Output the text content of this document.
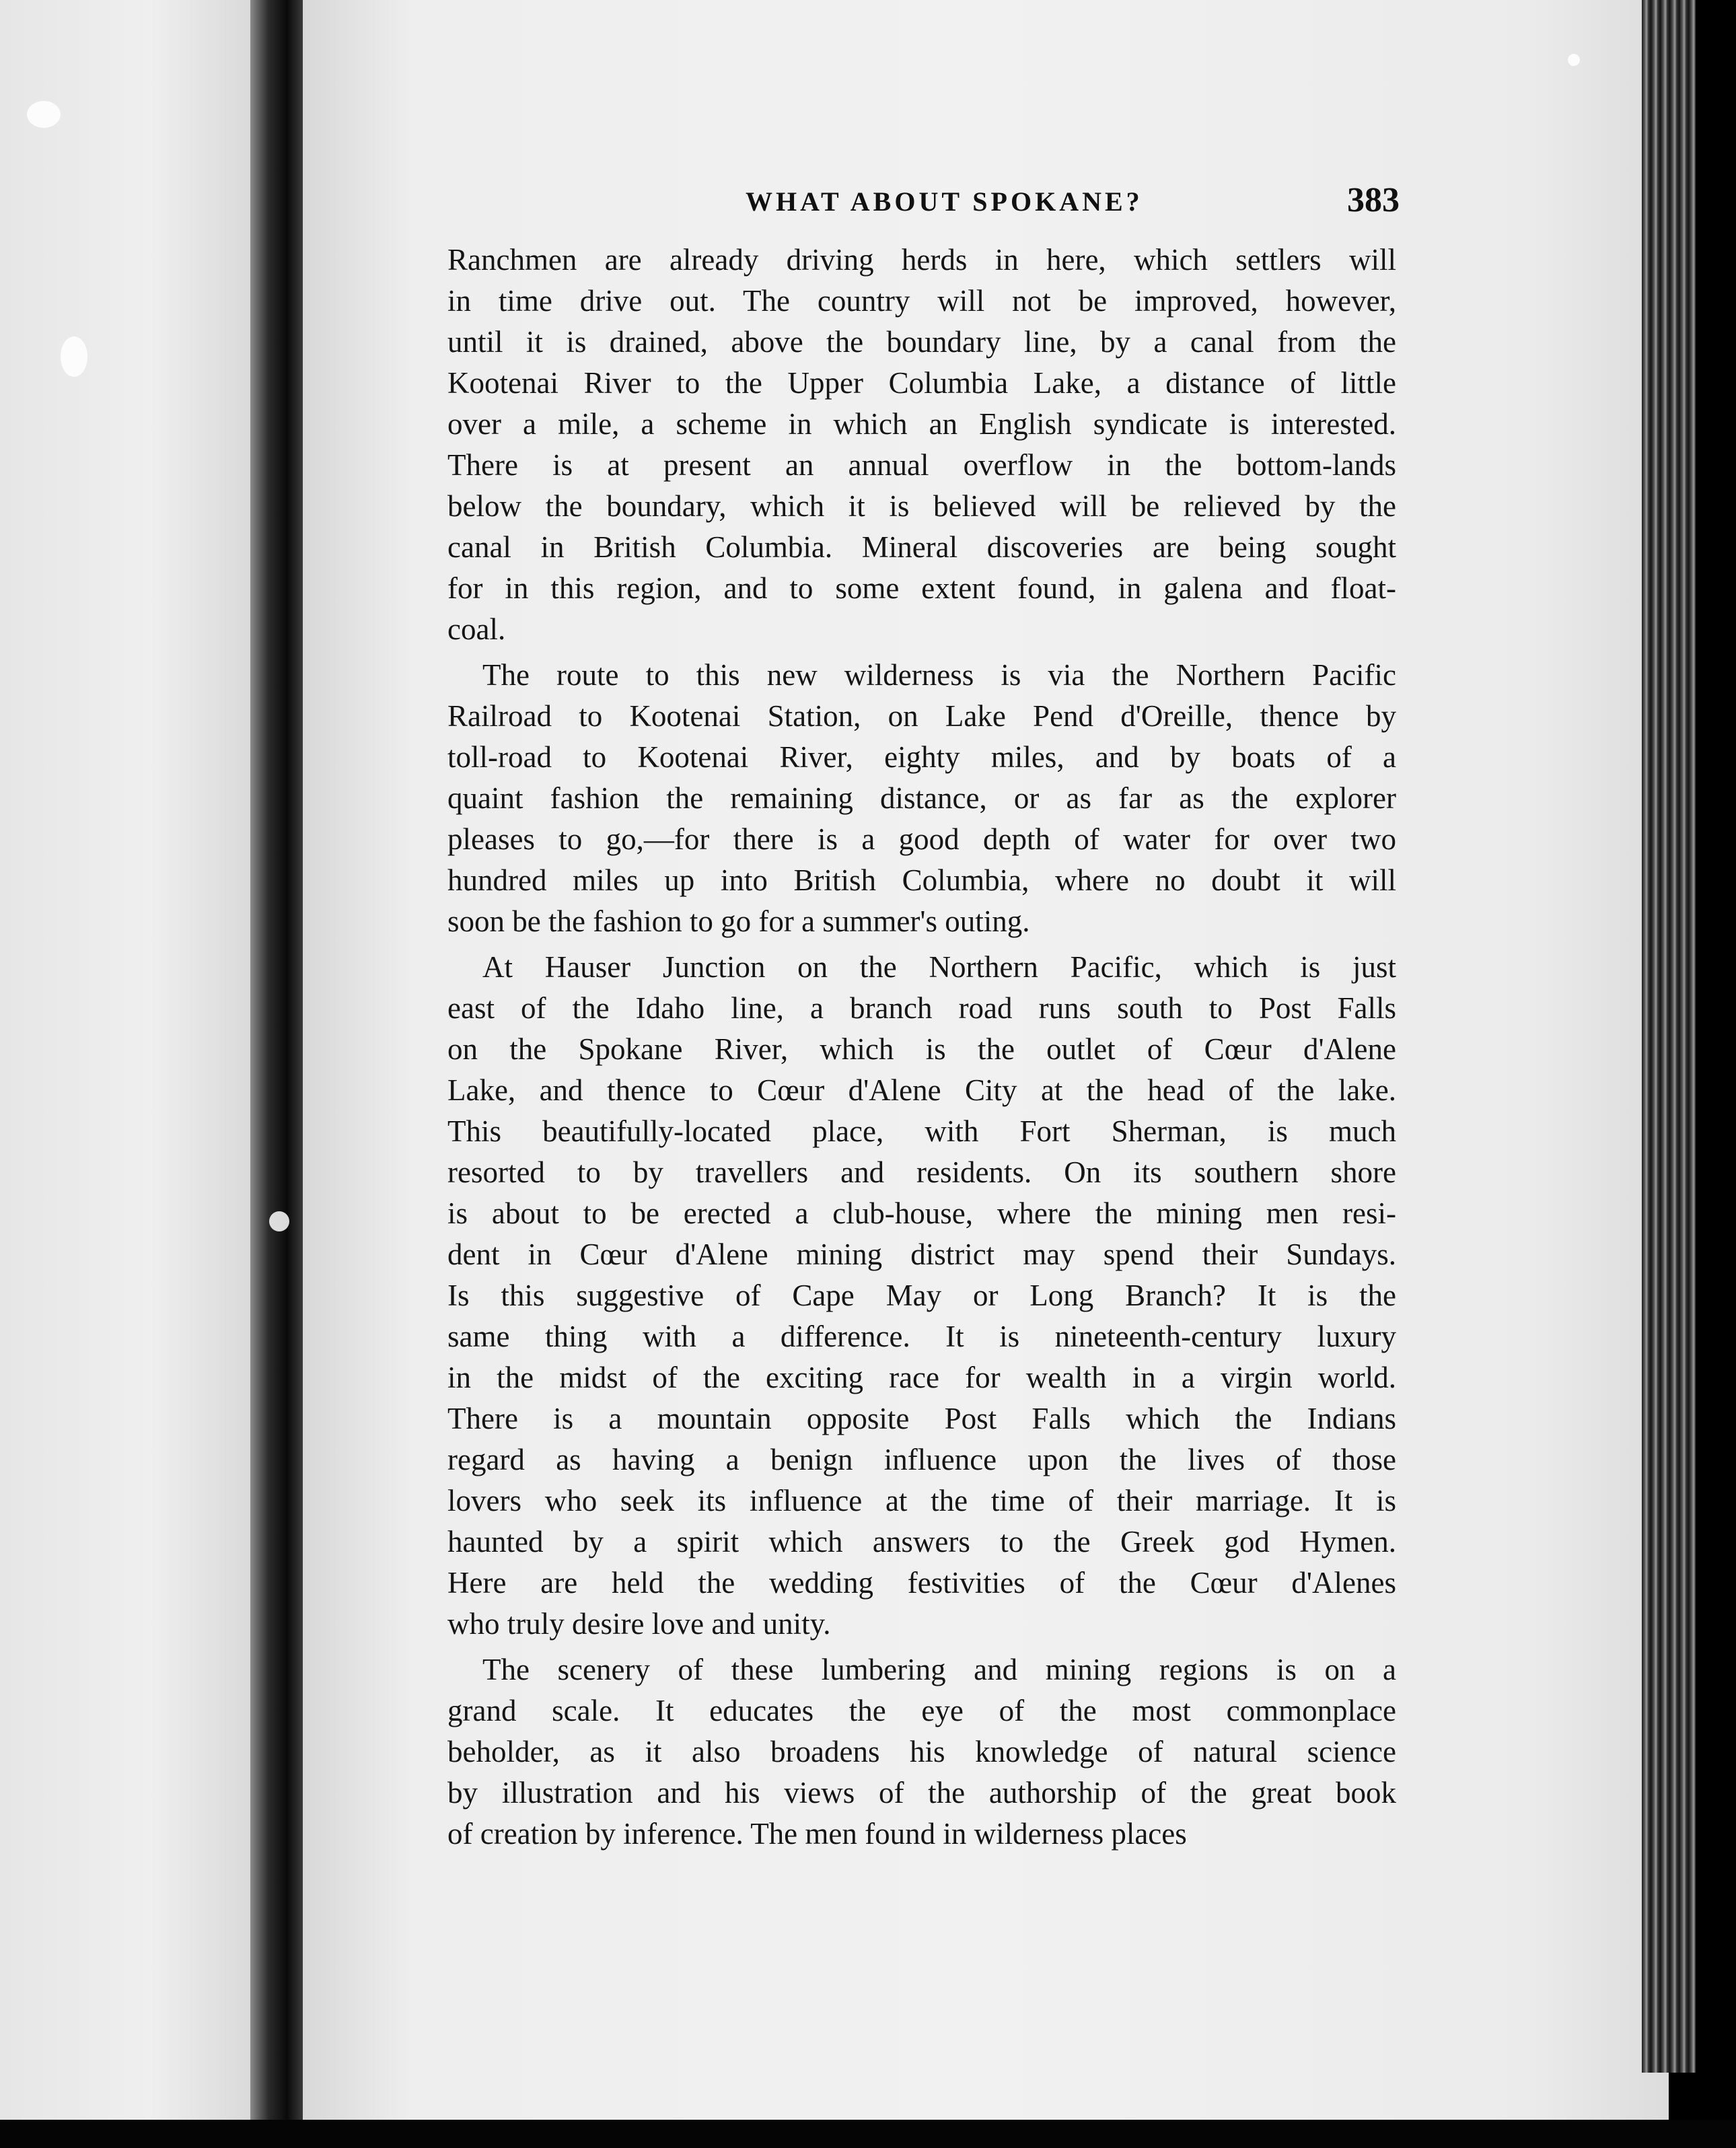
WHAT ABOUT SPOKANE?	383
Ranchmen are already driving herds in here, which settlers will
in time drive out. The country will not be improved, however,
until it is drained, above the boundary line, by a canal from the
Kootenai River to the Upper Columbia Lake, a distance of little
over a mile, a scheme in which an English syndicate is interested.
There is at present an annual overflow in the bottom-lands
below the boundary, which it is believed will be relieved by the
canal in British Columbia. Mineral discoveries are being sought
for in this region, and to some extent found, in galena and float-
coal.
The route to this new wilderness is via the Northern Pacific
Railroad to Kootenai Station, on Lake Pend d'Oreille, thence by
toll-road to Kootenai River, eighty miles, and by boats of a
quaint fashion the remaining distance, or as far as the explorer
pleases to go,—for there is a good depth of water for over two
hundred miles up into British Columbia, where no doubt it will
soon be the fashion to go for a summer's outing.
At Hauser Junction on the Northern Pacific, which is just
east of the Idaho line, a branch road runs south to Post Falls
on the Spokane River, which is the outlet of Cœur d'Alene
Lake, and thence to Cœur d'Alene City at the head of the lake.
This beautifully-located place, with Fort Sherman, is much
resorted to by travellers and residents. On its southern shore
is about to be erected a club-house, where the mining men resi-
dent in Cœur d'Alene mining district may spend their Sundays.
Is this suggestive of Cape May or Long Branch? It is the
same thing with a difference. It is nineteenth-century luxury
in the midst of the exciting race for wealth in a virgin world.
There is a mountain opposite Post Falls which the Indians
regard as having a benign influence upon the lives of those
lovers who seek its influence at the time of their marriage. It is
haunted by a spirit which answers to the Greek god Hymen.
Here are held the wedding festivities of the Cœur d'Alenes
who truly desire love and unity.
The scenery of these lumbering and mining regions is on a
grand scale. It educates the eye of the most commonplace
beholder, as it also broadens his knowledge of natural science
by illustration and his views of the authorship of the great book
of creation by inference. The men found in wilderness places
